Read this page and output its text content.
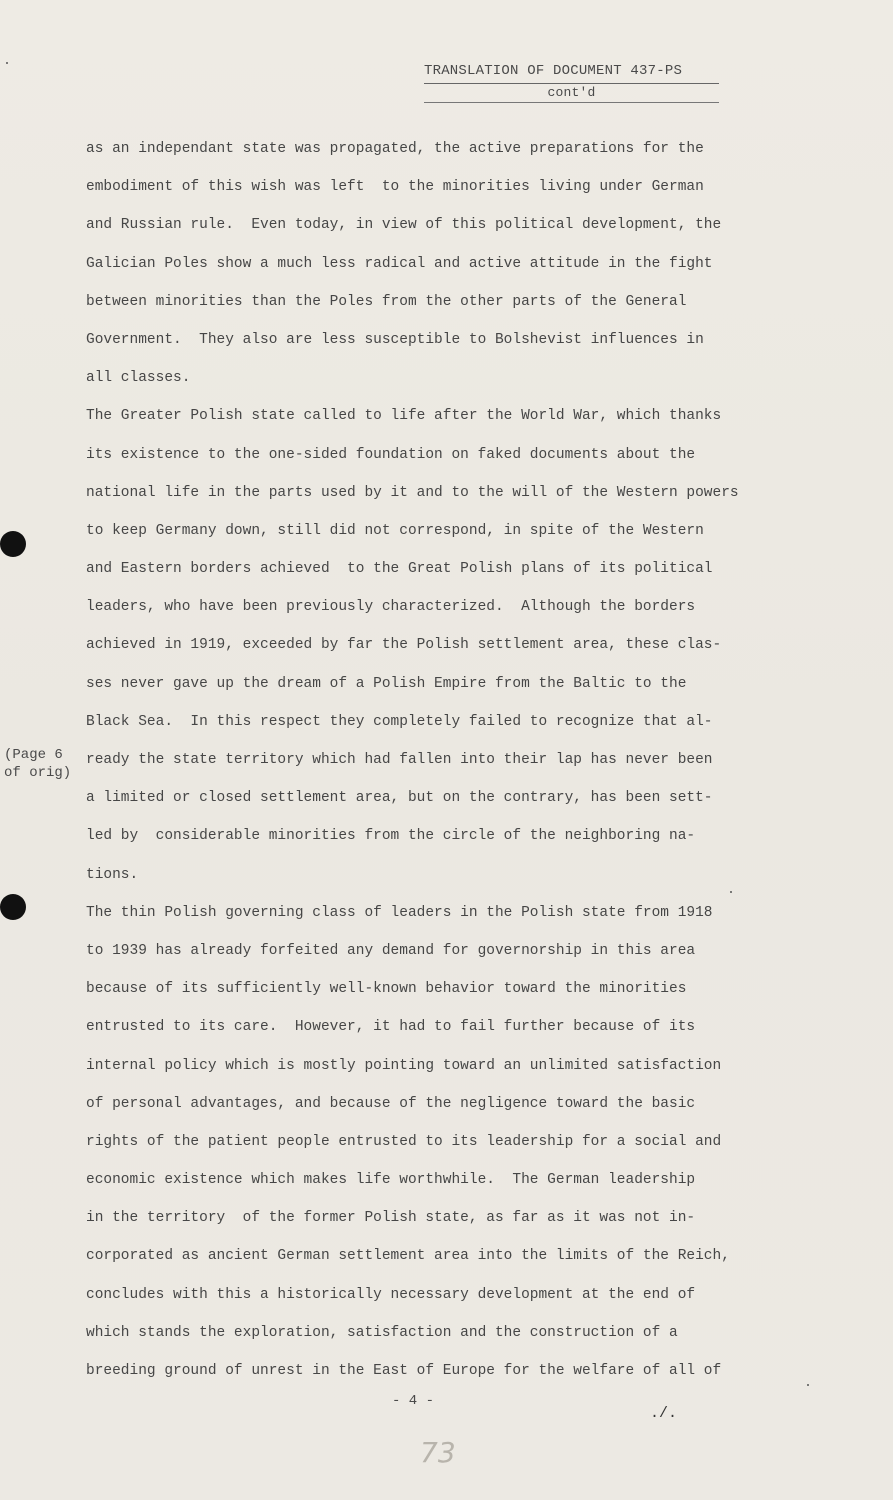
TRANSLATION OF DOCUMENT 437-PS
cont'd
as an independant state was propagated, the active preparations for the
embodiment of this wish was left  to the minorities living under German
and Russian rule.  Even today, in view of this political development, the
Galician Poles show a much less radical and active attitude in the fight
between minorities than the Poles from the other parts of the General
Government.  They also are less susceptible to Bolshevist influences in
all classes.
The Greater Polish state called to life after the World War, which thanks
its existence to the one-sided foundation on faked documents about the
national life in the parts used by it and to the will of the Western powers
to keep Germany down, still did not correspond, in spite of the Western
and Eastern borders achieved  to the Great Polish plans of its political
leaders, who have been previously characterized.  Although the borders
achieved in 1919, exceeded by far the Polish settlement area, these clas-
ses never gave up the dream of a Polish Empire from the Baltic to the
Black Sea.  In this respect they completely failed to recognize that al-
ready the state territory which had fallen into their lap has never been
a limited or closed settlement area, but on the contrary, has been sett-
led by  considerable minorities from the circle of the neighboring na-
tions.
The thin Polish governing class of leaders in the Polish state from 1918
to 1939 has already forfeited any demand for governorship in this area
because of its sufficiently well-known behavior toward the minorities
entrusted to its care.  However, it had to fail further because of its
internal policy which is mostly pointing toward an unlimited satisfaction
of personal advantages, and because of the negligence toward the basic
rights of the patient people entrusted to its leadership for a social and
economic existence which makes life worthwhile.  The German leadership
in the territory  of the former Polish state, as far as it was not in-
corporated as ancient German settlement area into the limits of the Reich,
concludes with this a historically necessary development at the end of
which stands the exploration, satisfaction and the construction of a
breeding ground of unrest in the East of Europe for the welfare of all of
(Page 6
of orig)
- 4 -
./.
73
